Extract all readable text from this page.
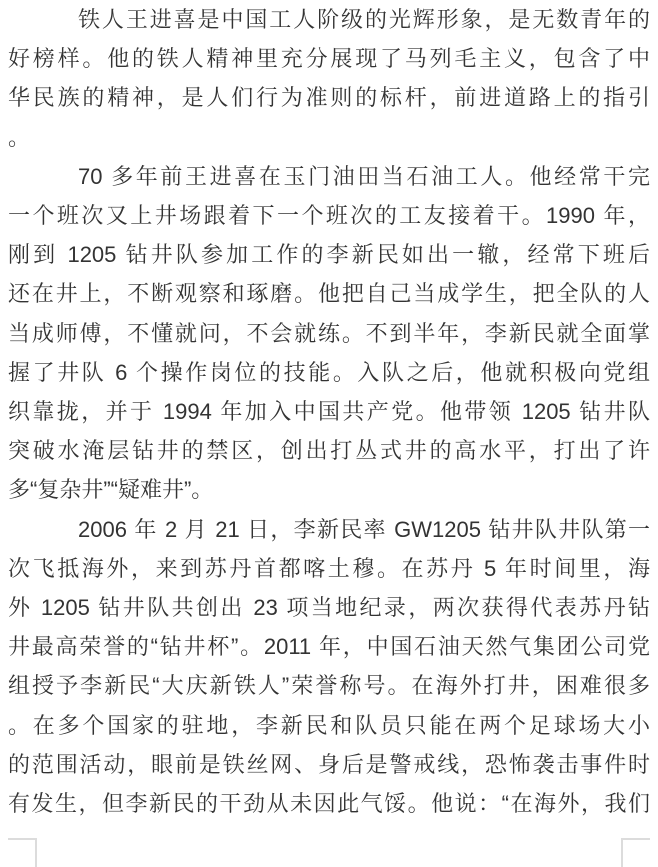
铁人王进喜是中国工人阶级的光辉形象，是无数青年的
好榜样。他的铁人精神里充分展现了马列毛主义，包含了中
华民族的精神，是人们行为准则的标杆，前进道路上的指引
。
70 多年前王进喜在玉门油田当石油工人。他经常干完
一个班次又上井场跟着下一个班次的工友接着干。1990 年，
刚到 1205 钻井队参加工作的李新民如出一辙，经常下班后
还在井上，不断观察和琢磨。他把自己当成学生，把全队的人
当成师傅，不懂就问，不会就练。不到半年，李新民就全面掌
握了井队 6 个操作岗位的技能。入队之后，他就积极向党组
织靠拢，并于 1994 年加入中国共产党。他带领 1205 钻井队
突破水淹层钻井的禁区，创出打丛式井的高水平，打出了许
多“复杂井”“疑难井”。
2006 年 2 月 21 日，李新民率 GW1205 钻井队井队第一
次飞抵海外，来到苏丹首都喀土穆。在苏丹 5 年时间里，海
外 1205 钻井队共创出 23 项当地纪录，两次获得代表苏丹钻
井最高荣誉的“钻井杯”。2011 年，中国石油天然气集团公司党
组授予李新民“大庆新铁人”荣誉称号。在海外打井，困难很多
。在多个国家的驻地，李新民和队员只能在两个足球场大小
的范围活动，眼前是铁丝网、身后是警戒线，恐怖袭击事件时
有发生，但李新民的干劲从未因此气馁。他说：“在海外，我们
